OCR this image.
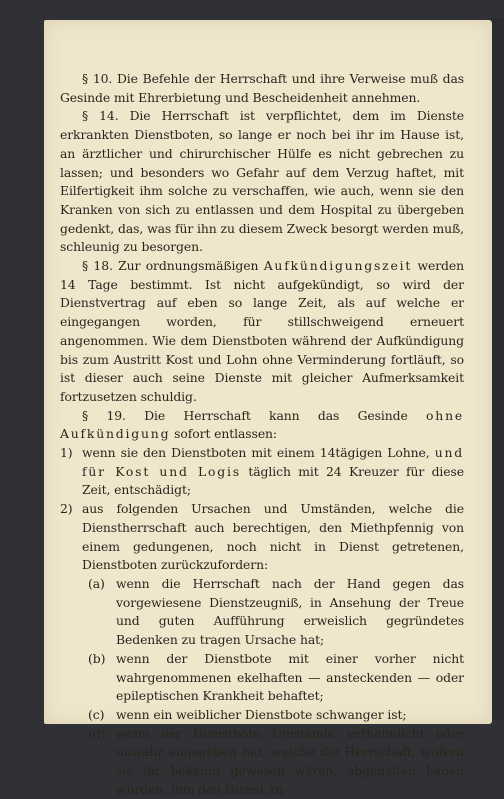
§ 10. Die Befehle der Herrschaft und ihre Verweise muß das Gesinde mit Ehrerbietung und Bescheidenheit annehmen.

§ 14. Die Herrschaft ist verpflichtet, dem im Dienste erkrankten Dienstboten, so lange er noch bei ihr im Hause ist, an ärztlicher und chirurchischer Hülfe es nicht gebrechen zu lassen; und besonders wo Gefahr auf dem Verzug haftet, mit Eilfertigkeit ihm solche zu verschaffen, wie auch, wenn sie den Kranken von sich zu entlassen und dem Hospital zu übergeben gedenkt, das, was für ihn zu diesem Zweck besorgt werden muß, schleunig zu besorgen.

§ 18. Zur ordnungsmäßigen Aufkündigungszeit werden 14 Tage bestimmt. Ist nicht aufgekündigt, so wird der Dienstvertrag auf eben so lange Zeit, als auf welche er eingegangen worden, für stillschweigend erneuert angenommen. Wie dem Dienstboten während der Aufkündigung bis zum Austritt Kost und Lohn ohne Verminderung fortläuft, so ist dieser auch seine Dienste mit gleicher Aufmerksamkeit fortzusetzen schuldig.

§ 19. Die Herrschaft kann das Gesinde ohne Aufkündigung sofort entlassen:

1) wenn sie den Dienstboten mit einem 14tägigen Lohne, und für Kost und Logis täglich mit 24 Kreuzer für diese Zeit, entschädigt;
2) aus folgenden Ursachen und Umständen, welche die Dienstherrschaft auch berechtigen, den Miethpfennig von einem gedungenen, noch nicht in Dienst getretenen, Dienstboten zurückzufordern:
(a) wenn die Herrschaft nach der Hand gegen das vorgewiesene Dienstzeugniß, in Ansehung der Treue und guten Aufführung erweislich gegründetes Bedenken zu tragen Ursache hat;
(b) wenn der Dienstbote mit einer vorher nicht wahrgenommenen ekelhaften — ansteckenden — oder epileptischen Krankheit behaftet;
(c) wenn ein weiblicher Dienstbote schwanger ist;
(d) wenn der Dienstbote Umstände verheimlicht oder unwahr angegeben hat, welche die Herrschaft, wofern sie ihr bekannt gewesen wären, abgehalten haben würden, ihm den Dienst zu-
